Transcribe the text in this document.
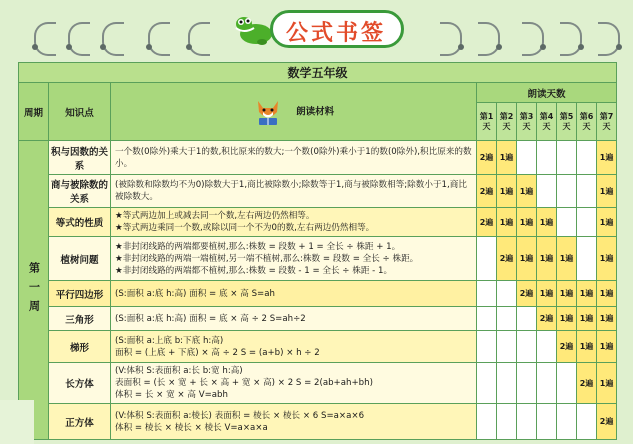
公式书签
数学五年级									
周期	知识点	朗读材料	朗读天数						
			第1天	第2天	第3天	第4天	第5天	第6天	第7天
第一周	积与因数的关系	一个数(0除外)乘大于1的数,积比原来的数大;一个数(0除外)乘小于1的数(0除外),积比原来的数小。	2遍	1遍					1遍

	商与被除数的关系	(被除数和除数均不为0)除数大于1,商比被除数小;除数等于1,商与被除数相等;除数小于1,商比被除数大。	2遍	1遍	1遍				1遍

	等式的性质	★等式两边加上或减去同一个数,左右两边仍然相等。
★等式两边乘同一个数,或除以同一个不为0的数,左右两边仍然相等。	2遍	1遍	1遍	1遍			1遍

	植树问题	★非封闭线路的两端都要植树,那么:株数 = 段数 + 1 = 全长 ÷ 株距 + 1。
★非封闭线路的两端一端植树,另一端不植树,那么:株数 = 段数 = 全长 ÷ 株距。
★非封闭线路的两端都不植树,那么:株数 = 段数 - 1 = 全长 ÷ 株距 - 1。		2遍	1遍	1遍	1遍		1遍

	平行四边形	(S:面积 a:底 h:高) 面积 = 底 × 高 S=ah			2遍	1遍	1遍	1遍	1遍

	三角形	(S:面积 a:底 h:高) 面积 = 底 × 高 ÷ 2 S=ah÷2				2遍	1遍	1遍	1遍

	梯形	(S:面积 a:上底 b:下底 h:高)
面积 = (上底 + 下底) × 高 ÷ 2 S = (a+b) × h ÷ 2					2遍	1遍	1遍

	长方体	(V:体积 S:表面积 a:长 b:宽 h:高)
表面积 = (长 × 宽 + 长 × 高 + 宽 × 高) × 2 S = 2(ab+ah+bh)
体积 = 长 × 宽 × 高 V=abh						2遍	1遍

	正方体	(V:体积 S:表面积 a:棱长) 表面积 = 棱长 × 棱长 × 6 S=a×a×6
体积 = 棱长 × 棱长 × 棱长 V=a×a×a							2遍
